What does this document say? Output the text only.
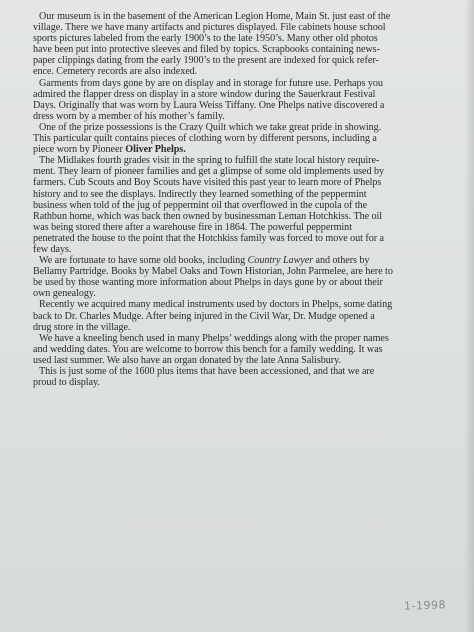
Our museum is in the basement of the American Legion Home, Main St. just east of the
village. There we have many artifacts and pictures displayed. File cabinets house school
sports pictures labeled from the early 1900’s to the late 1950’s. Many other old photos
have been put into protective sleeves and filed by topics. Scrapbooks containing news-
paper clippings dating from the early 1900’s to the present are indexed for quick refer-
ence. Cemetery records are also indexed.
Garments from days gone by are on display and in storage for future use. Perhaps you
admired the flapper dress on display in a store window during the Sauerkraut Festival
Days. Originally that was worn by Laura Weiss Tiffany. One Phelps native discovered a
dress worn by a member of his mother’s family.
One of the prize possessions is the Crazy Quilt which we take great pride in showing.
This particular quilt contains pieces of clothing worn by different persons, including a
piece worn by Pioneer Oliver Phelps.
The Midlakes fourth grades visit in the spring to fulfill the state local history require-
ment. They learn of pioneer families and get a glimpse of some old implements used by
farmers. Cub Scouts and Boy Scouts have visited this past year to learn more of Phelps
history and to see the displays. Indirectly they learned something of the peppermint
business when told of the jug of peppermint oil that overflowed in the cupola of the
Rathbun home, which was back then owned by businessman Leman Hotchkiss. The oil
was being stored there after a warehouse fire in 1864. The powerful peppermint
penetrated the house to the point that the Hotchkiss family was forced to move out for a
few days.
We are fortunate to have some old books, including Country Lawyer and others by
Bellamy Partridge. Books by Mabel Oaks and Town Historian, John Parmelee, are here to
be used by those wanting more information about Phelps in days gone by or about their
own genealogy.
Recently we acquired many medical instruments used by doctors in Phelps, some dating
back to Dr. Charles Mudge. After being injured in the Civil War, Dr. Mudge opened a
drug store in the village.
We have a kneeling bench used in many Phelps’ weddings along with the proper names
and wedding dates. You are welcome to borrow this bench for a family wedding. It was
used last summer. We also have an organ donated by the late Anna Salisbury.
This is just some of the 1600 plus items that have been accessioned, and that we are
proud to display.
1-1998
